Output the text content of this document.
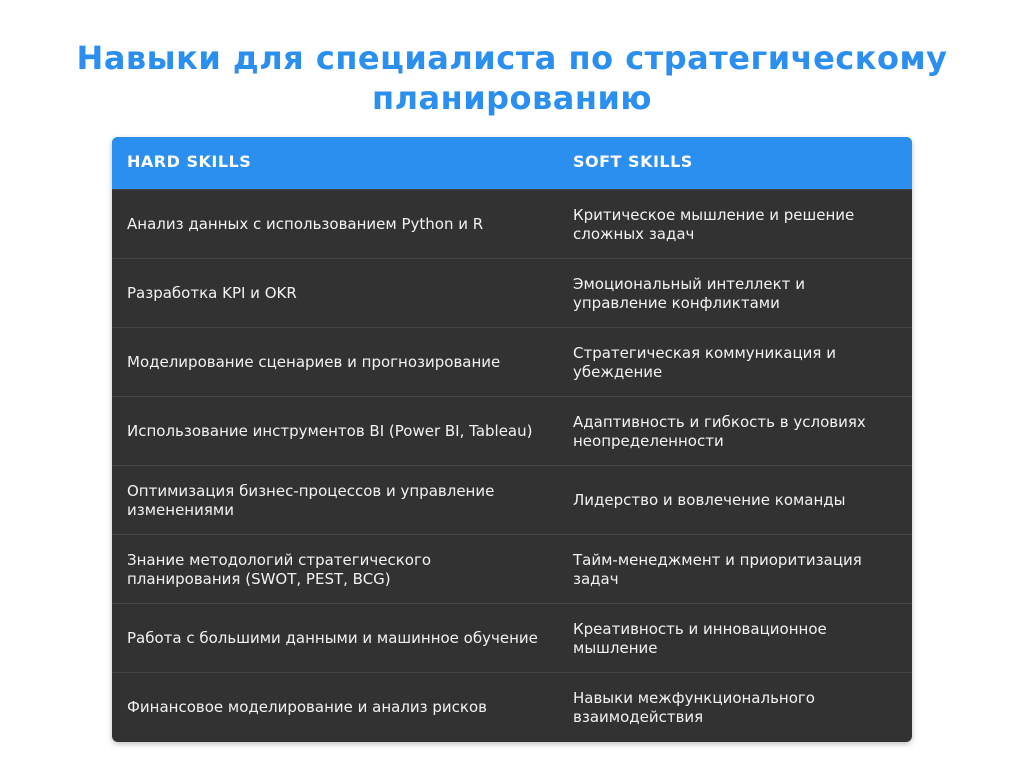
Навыки для специалиста по стратегическому
планированию
HARD SKILLS	SOFT SKILLS
Анализ данных с использованием Python и R
Критическое мышление и решение сложных задач
Разработка KPI и OKR
Эмоциональный интеллект и управление конфликтами
Моделирование сценариев и прогнозирование
Стратегическая коммуникация и убеждение
Использование инструментов BI (Power BI, Tableau)
Адаптивность и гибкость в условиях неопределенности
Оптимизация бизнес-процессов и управление изменениями
Лидерство и вовлечение команды
Знание методологий стратегического планирования (SWOT, PEST, BCG)
Тайм-менеджмент и приоритизация задач
Работа с большими данными и машинное обучение
Креативность и инновационное мышление
Финансовое моделирование и анализ рисков
Навыки межфункционального взаимодействия
